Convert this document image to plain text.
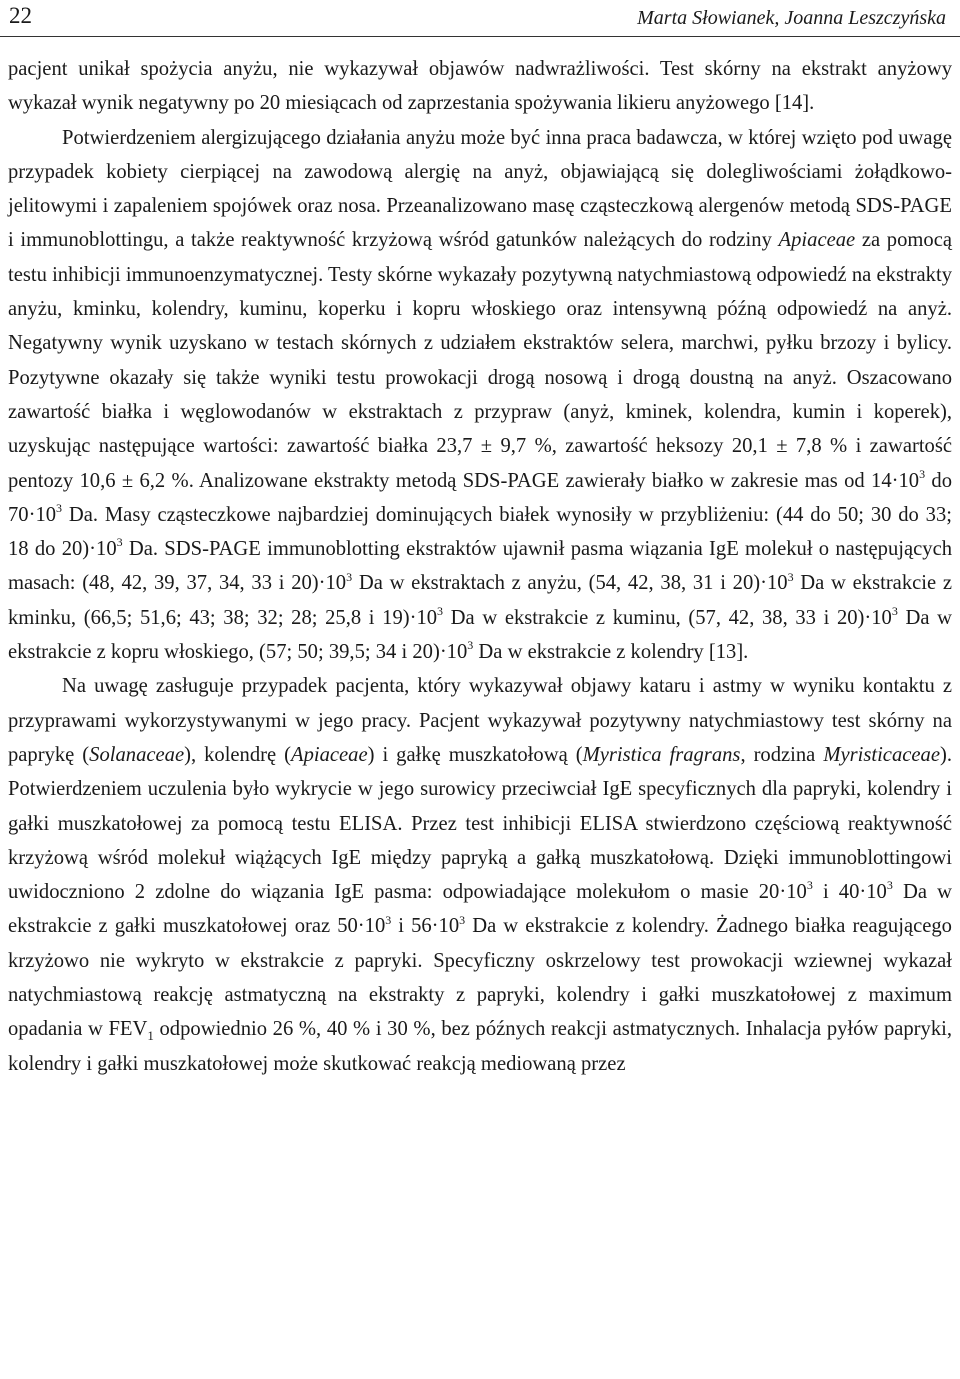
22	Marta Słowianek, Joanna Leszczyńska

pacjent unikał spożycia anyżu, nie wykazywał objawów nadwrażliwości. Test skórny na ekstrakt anyżowy wykazał wynik negatywny po 20 miesiącach od zaprzestania spożywania likieru anyżowego [14].

Potwierdzeniem alergizującego działania anyżu może być inna praca badawcza, w której wzięto pod uwagę przypadek kobiety cierpiącej na zawodową alergię na anyż, objawiającą się dolegliwościami żołądkowo-jelitowymi i zapaleniem spojówek oraz nosa. Przeanalizowano masę cząsteczkową alergenów metodą SDS-PAGE i immunoblottingu, a także reaktywność krzyżową wśród gatunków należących do rodziny Apiaceae za pomocą testu inhibicji immunoenzymatycznej. Testy skórne wykazały pozytywną natychmiastową odpowiedź na ekstrakty anyżu, kminku, kolendry, kuminu, koperku i kopru włoskiego oraz intensywną późną odpowiedź na anyż. Negatywny wynik uzyskano w testach skórnych z udziałem ekstraktów selera, marchwi, pyłku brzozy i bylicy. Pozytywne okazały się także wyniki testu prowokacji drogą nosową i drogą doustną na anyż. Oszacowano zawartość białka i węglowodanów w ekstraktach z przypraw (anyż, kminek, kolendra, kumin i koperek), uzyskując następujące wartości: zawartość białka 23,7 ± 9,7 %, zawartość heksozy 20,1 ± 7,8 % i zawartość pentozy 10,6 ± 6,2 %. Analizowane ekstrakty metodą SDS-PAGE zawierały białko w zakresie mas od $14\cdot 10^3$ do $70\cdot 10^3$ Da. Masy cząsteczkowe najbardziej dominujących białek wynosiły w przybliżeniu: (44 do 50; 30 do 33; 18 do $20)\cdot 10^3$ Da. SDS-PAGE immunoblotting ekstraktów ujawnił pasma wiązania IgE molekuł o następujących masach: (48, 42, 39, 37, 34, 33 i $20)\cdot 10^3$ Da w ekstraktach z anyżu, (54, 42, 38, 31 i $20)\cdot 10^3$ Da w ekstrakcie z kminku, (66,5; 51,6; 43; 38; 32; 28; 25,8 i $19)\cdot 10^3$ Da w ekstrakcie z kuminu, (57, 42, 38, 33 i $20)\cdot 10^3$ Da w ekstrakcie z kopru włoskiego, (57; 50; 39,5; 34 i $20)\cdot 10^3$ Da w ekstrakcie z kolendry [13].

Na uwagę zasługuje przypadek pacjenta, który wykazywał objawy kataru i astmy w wyniku kontaktu z przyprawami wykorzystywanymi w jego pracy. Pacjent wykazywał pozytywny natychmiastowy test skórny na paprykę (Solanaceae), kolendrę (Apiaceae) i gałkę muszkatołową (Myristica fragrans, rodzina Myristicaceae). Potwierdzeniem uczulenia było wykrycie w jego surowicy przeciwciał IgE specyficznych dla papryki, kolendry i gałki muszkatołowej za pomocą testu ELISA. Przez test inhibicji ELISA stwierdzono częściową reaktywność krzyżową wśród molekuł wiążących IgE między papryką a gałką muszkatołową. Dzięki immunoblottingowi uwidoczniono 2 zdolne do wiązania IgE pasma: odpowiadające molekułom o masie $20\cdot 10^3$ i $40\cdot 10^3$ Da w ekstrakcie z gałki muszkatołowej oraz $50\cdot 10^3$ i $56\cdot 10^3$ Da w ekstrakcie z kolendry. Żadnego białka reagującego krzyżowo nie wykryto w ekstrakcie z papryki. Specyficzny oskrzelowy test prowokacji wziewnej wykazał natychmiastową reakcję astmatyczną na ekstrakty z papryki, kolendry i gałki muszkatołowej z maximum opadania w $FEV_1$ odpowiednio 26 %, 40 % i 30 %, bez późnych reakcji astmatycznych. Inhalacja pyłów papryki, kolendry i gałki muszkatołowej może skutkować reakcją mediowaną przez
